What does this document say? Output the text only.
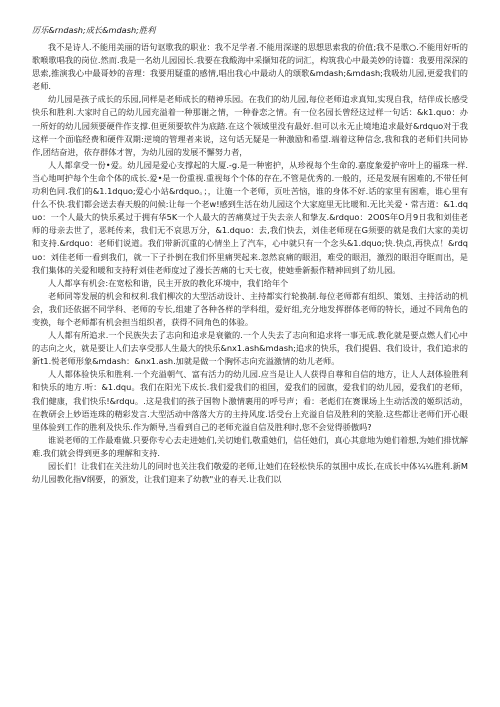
厉乐&rndash;成长&mdash;胜利

我不是诗人.不能用美丽的语句讴歌我的职业：我不足学者.不能用深遂的思想思索我的价值;我不是歌○.不能用好听的歌喉歌唱我的岗位.然而.我是一名幼儿园园长.我要在我酸海中采撷知花的词汇，构筑我心中最美妙的诗篇：我要用深深的思索,推演我心中最哥妙的音理：我要用疑重的感情,唱出我心中最动人的颂歌&mdash;&mdash;我吸幼儿园,更爱我们的老师.

幼儿园是孩子成长的乐园,同样是老师成长的精神乐园。在我们的幼儿园,每位老师追求真知,实现自我，结伴成长感受快乐和胜利.大家时自己的幼儿园充溢着一种那谢之情，一种眷恋之情。有一位名园长曾经这过样一句话：&k1.quo：办一所好的幼儿园须要硬件作支撑.但更须要软件为底踏.在这个领域里没有最好.但可以永无止境地追求最好&rdquo对于我这样一个面临经费和硬件双期:逆境的管理者来说，这句话无疑是一种激励和希望.端着这种信念,我和我的老师们共同协作,团结奋进，依存群体才智，为幼儿园的发展不懈努力者，

人人都拿受一份•爱。幼儿园是爱心支撑起的大厦.-g.是一种密护，从珍视每个生命的.嘉度象爱护帝叶上的福珠一样.当心地呵护每个生命个体的成长.爱•是一份重视.重视每个个体的存在,不管是优秀的.一般的，还是发展有困难的,不带任何功利色同.我们的&1.1dquo;爱心小站&rdquo。；，让施一个老师，页吐苦恼，谁的身体不好.话的家里有困难，谁心里有什么不快.我们都会送去春天般的问候:让每一个老w!感到生活在幼儿园这个大家庭里无比暖和.无比关爱・常吉道：&1.dquo：一个人最大的快乐奚过于拥有华5K一个人最大的苦痛莫过于失去亲人和挚友.&rdquo：2O0S年O月9日我和刘佳老师的母亲去世了，恶耗传来，我们无不哀思万分，&1.dquo：去,我们快去，刘佳老师现在G须要的就是我们大家的美切和支持.&rdquo：老师们说道。我们带新沉重的心情坐上了汽车，心中就只有一个念头&1.dquo;快.快点,再快点！&rdquo：刘佳老师一看到我们，就一下子扑倒在我们怀里痛哭起来.忽然哀痛的眼泪，难受的眼泪，激烈的眼泪夺眶而出，是我们集体的关爱和暖和支持籽刘佳老师度过了漫长苦痛的七天七夜，使她垂新振作精神回到了幼儿园。

人人都享有机会:在宽松和谐，民主开放的教化环境中，我们给年个

老师同等发展的机会和权利.我们柳次的大型活动设计、主持都实行轮换制.每位老师都有组织、策划、主持活动的机会，我们还依据不同学科、老师的专长,组建了各种各样的学科组，爱好组,充分地发挥群体老师的特长，通过不同角色的变换，每个老师都有机会担当组织者，获得不同角色的体验。

人人都有所追求.一个民族失去了志向和追求是衰徽的.一个人失去了志向和追求将一事无成.教化就是要点燃人们心中的志向之火，就是要让人们去享受那人生最大的快乐&nx1.ash&mdash;追求的快乐，我们提倡、我们设计，我们追求的新t1.悦老师形象&mdash：&nx1.ash.加就是做一个胸怀志向充溢激情的幼儿老师。

人人都体验快乐和胜利.一个充溢朝气、富有活力的幼儿园.应当是让人人获得自尊和自信的地方，让人人刦体验胜利和快乐的地方.听：&1.dqu。我们在阳光下成长.我们爱我们的祖国，爱我们的园旗，爱我们的幼儿园，爱我们的老师，我们健康，我们快乐!&rdqu。.这是我们的孩子国物卜激情裹用的呼号声；看：老彪们在赛课场上生动活泼的姬织活动，在教研会上妙语连珠的精彩发言.大型活动中落落大方的主持风度.话受台上充溢自信及胜利的笑脸.这些都让老师们开心眼里体验到工作的胜利及快乐.作为额导,当看到自己的老师充溢自信及胜利时,您不会觉得骄傲吗?

谁说老师的工作最难做.只要你专心去走进她们,关切她们,敬重她们，信任她们，真心其意地为她们着想,为她们排忧解难.我们就会得到更多的理解和支持.

园长们！让我们在关注幼儿的同时也关注我们敬爱的老师,让她们在轻松快乐的氛围中成长,在成长中体¼¼胜利.新M幼儿园教化指V纲要，的颁发，让我们迎来了幼教"业的春天.让我们以
